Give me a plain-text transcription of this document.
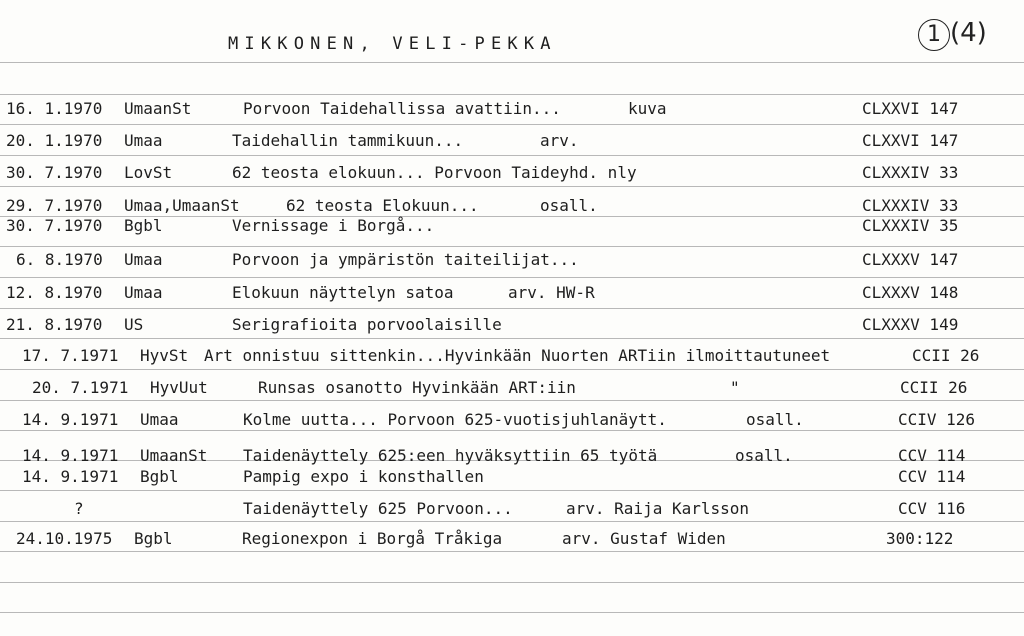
MIKKONEN, VELI-PEKKA	1 (4)
16. 1.1970 UmaanSt	Porvoon Taidehallissa avattiin...	kuva	CLXXVI 147
20. 1.1970 Umaa	Taidehallin tammikuun...	arv.	CLXXVI 147
30. 7.1970 LovSt	62 teosta elokuun... Porvoon Taideyhd. nly	CLXXXIV 33
29. 7.1970 Umaa,UmaanSt	62 teosta Elokuun...	osall.	CLXXXIV 33
30. 7.1970 Bgbl	Vernissage i Borgå...	CLXXXIV 35
6. 8.1970 Umaa	Porvoon ja ympäristön taiteilijat...	CLXXXV 147
12. 8.1970 Umaa	Elokuun näyttelyn satoa	arv. HW-R	CLXXXV 148
21. 8.1970 US	Serigrafioita porvoolaisille	CLXXXV 149
17. 7.1971 HyvSt Art onnistuu sittenkin...Hyvinkään Nuorten ARTiin ilmoittautuneet	CCII 26
20. 7.1971 HyvUut	Runsas osanotto Hyvinkään ART:iin	"	CCII 26
14. 9.1971 Umaa	Kolme uutta... Porvoon 625-vuotisjuhlanäytt.	osall.	CCIV 126
14. 9.1971 UmaanSt Taidenäyttely 625:een hyväksyttiin 65 työtä	osall.	CCV 114
14. 9.1971 Bgbl	Pampig expo i konsthallen	CCV 114
?	Taidenäyttely 625 Porvoon...	arv. Raija Karlsson	CCV 116
24.10.1975 Bgbl	Regionexpon i Borgå Tråkiga	arv. Gustaf Widen	300:122
